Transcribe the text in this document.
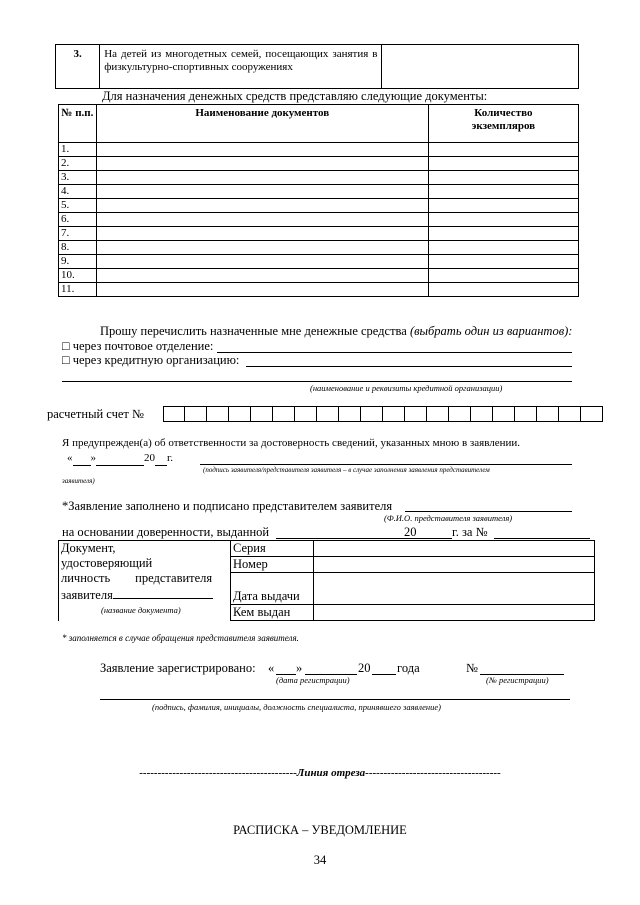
3.	На детей из многодетных семей, посещающих занятия в физкультурно-спортивных сооружениях	
Для назначения денежных средств представляю следующие документы:
№ п.п.	Наименование документов	Количество экземпляров
1.		
2.		
3.		
4.		
5.		
6.		
7.		
8.		
9.		
10.		
11.		
Прошу перечислить назначенные мне денежные средства (выбрать один из вариантов):
□ через почтовое отделение:
□ через кредитную организацию:
(наименование и реквизиты кредитной организации)
расчетный счет №
Я предупрежден(а) об ответственности за достоверность сведений, указанных мною в заявлении.
« »	20 г.
(подпись заявителя/представителя заявителя – в случае заполнения заявления представителем
заявителя)
*Заявление заполнено и подписано представителем заявителя
(Ф.И.О. представителя заявителя)
на основании доверенности, выданной	20	г. за №
Документ,
удостоверяющий
личность        представителя
заявителя
(название документа)	Серия	
	Номер	
	Дата выдачи	
	Кем выдан	
* заполняется в случае обращения представителя заявителя.
Заявление зарегистрировано: « »	20 года	№
(дата регистрации)	(№ регистрации)
(подпись, фамилия, инициалы, должность специалиста, принявшего заявление)
-------------------------------------------Линия отреза-------------------------------------
РАСПИСКА – УВЕДОМЛЕНИЕ
34
